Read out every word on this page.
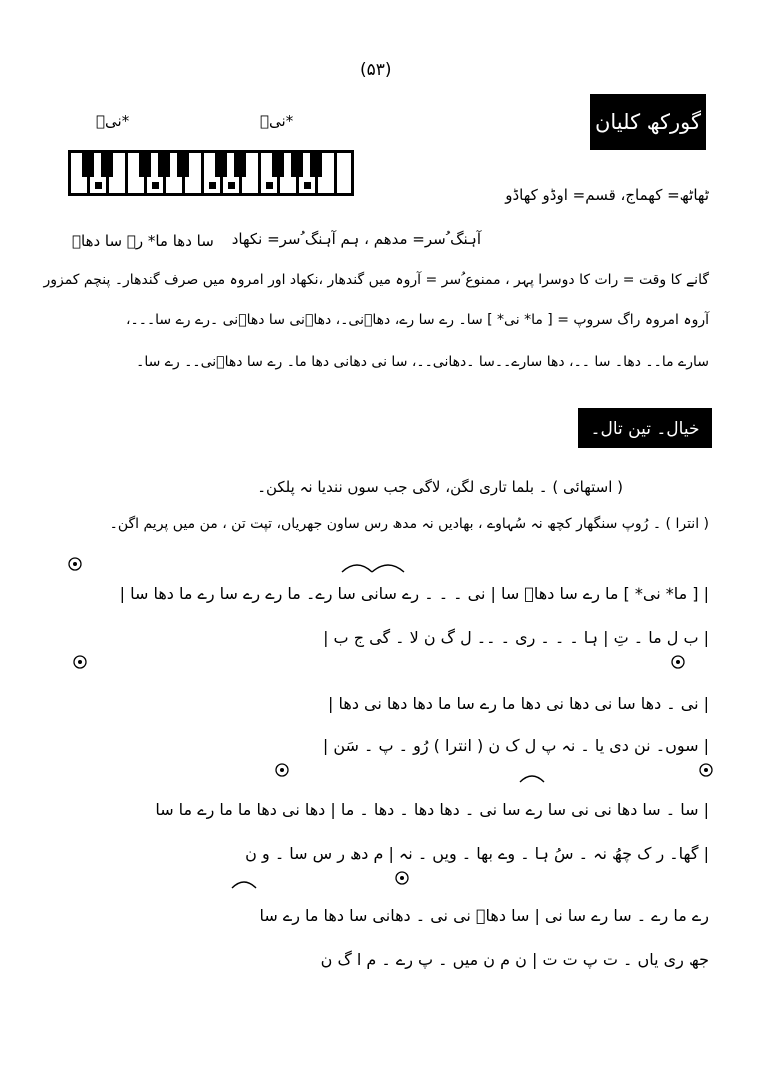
(۵۳)
نیؔ*	نیؔ*	گورکھ کلیان
ٹھاٹھ= کھماج، قسم= اوڈو کھاڈو
آہنگ ُسر= مدھم ، ہم آہنگ ُسر= نکھاد
سا دھا ما* رے سا دھاؔ
گانے کا وقت = رات کا دوسرا پہر ، ممنوع ُسر = آروہ میں گندھار ،نکھاد اور امروہ میں صرف گندھار۔ پنچم کمزور
آروہ امروہ راگ سروپ = [ ما* نی* ] سا۔ رے سا رے، دھاؔنی۔، دھاؔنی سا دھاؔنی ۔رے رے سا۔۔۔،
سارے ما۔۔ دھا۔ سا ۔۔، دھا سارے۔۔سا ۔دھانی۔۔، سا نی دھانی دھا ما۔ رے سا دھاؔنی۔۔ رے سا۔
خیال۔ تین تال۔
( استھائی ) ۔ بلما تاری لگن، لاگی جب سوں نندیا نہ پلکن۔
( انترا ) ۔ رُوپ سنگھار کچھ نہ سُہاوے ، بھادیں نہ مدھ رس ساون جھریاں، تپت تن ، من میں پریم اگن۔
| [ ما* نی* ] ما رے سا دھاؔ سا | نی ۔ ۔ ۔ رے سانی سا رے۔ ما رے رے سا رے ما دھا سا |
| ب ل ما ۔ تِ | ہا ۔ ۔ ۔ ری ۔ ۔۔ ل گ ن لا ۔ گی ج ب |
| نی ۔ دھا سا نی دھا نی دھا ما رے سا ما دھا دھا نی دھا |
| سوں۔ نن دی یا ۔ نہ پ ل ک ن ( انترا ) رُو ۔ پ ۔ سَن |
| سا ۔ سا دھا نی نی سا رے سا نی ۔ دھا دھا ۔ دھا ۔ ما | دھا نی دھا ما ما رے ما سا
| گھا۔ ر ک چھُ نہ ۔ سُ ہا ۔ وے بھا ۔ ویں ۔ نہ | م دھ ر س سا ۔ و ن
رے ما رے ۔ سا رے سا نی | سا دھاؔ نی نی ۔ دھانی سا دھا ما رے سا
جھ ری یاں ۔ ت پ ت ت | ن م ن میں ۔ پ رے ۔ م ا گ ن
